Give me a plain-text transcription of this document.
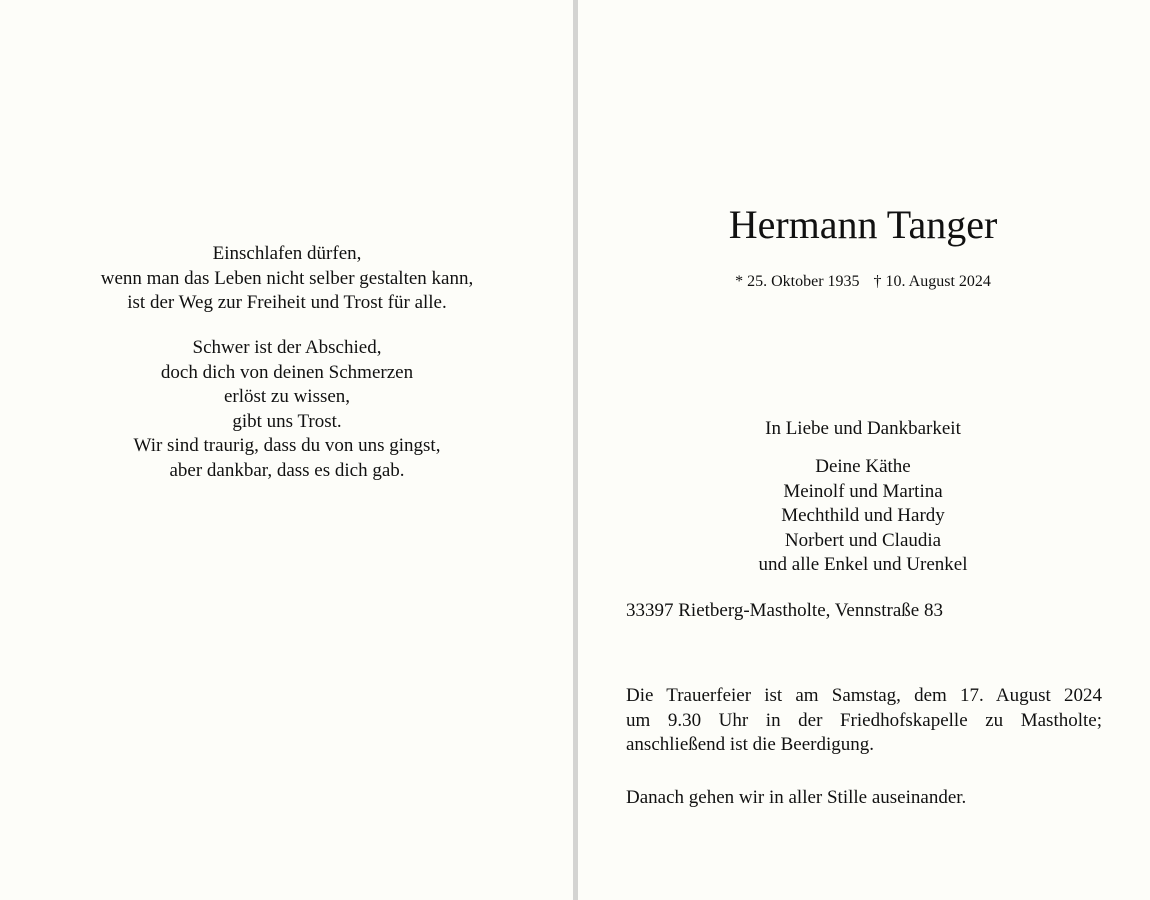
Einschlafen dürfen,
wenn man das Leben nicht selber gestalten kann,
ist der Weg zur Freiheit und Trost für alle.
Schwer ist der Abschied,
doch dich von deinen Schmerzen
erlöst zu wissen,
gibt uns Trost.
Wir sind traurig, dass du von uns gingst,
aber dankbar, dass es dich gab.
Hermann Tanger
* 25. Oktober 1935 † 10. August 2024
In Liebe und Dankbarkeit
Deine Käthe
Meinolf und Martina
Mechthild und Hardy
Norbert und Claudia
und alle Enkel und Urenkel
33397 Rietberg-Mastholte, Vennstraße 83
Die Trauerfeier ist am Samstag, dem 17. August 2024
um 9.30 Uhr in der Friedhofskapelle zu Mastholte;
anschließend ist die Beerdigung.
Danach gehen wir in aller Stille auseinander.
